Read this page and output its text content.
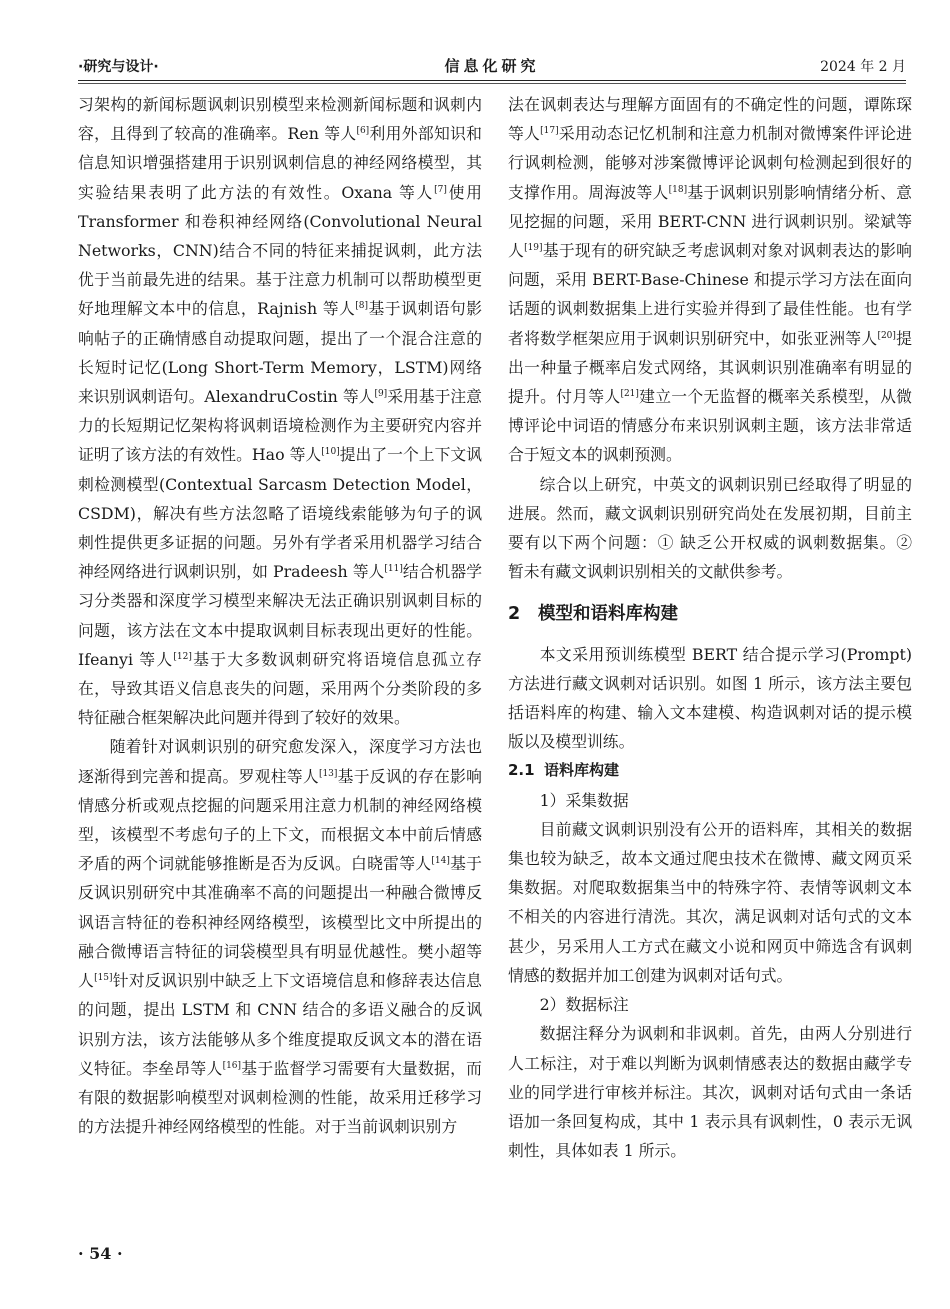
·研究与设计·	信息化研究	2024 年 2 月

习架构的新闻标题讽刺识别模型来检测新闻标题和讽刺内容，且得到了较高的准确率。Ren 等人[6]利用外部知识和信息知识增强搭建用于识别讽刺信息的神经网络模型，其实验结果表明了此方法的有效性。Oxana 等人[7]使用 Transformer 和卷积神经网络(Convolutional Neural Networks，CNN)结合不同的特征来捕捉讽刺，此方法优于当前最先进的结果。基于注意力机制可以帮助模型更好地理解文本中的信息，Rajnish 等人[8]基于讽刺语句影响帖子的正确情感自动提取问题，提出了一个混合注意的长短时记忆(Long Short-Term Memory，LSTM)网络来识别讽刺语句。AlexandruCostin 等人[9]采用基于注意力的长短期记忆架构将讽刺语境检测作为主要研究内容并证明了该方法的有效性。Hao 等人[10]提出了一个上下文讽刺检测模型(Contextual Sarcasm Detection Model，CSDM)，解决有些方法忽略了语境线索能够为句子的讽刺性提供更多证据的问题。另外有学者采用机器学习结合神经网络进行讽刺识别，如 Pradeesh 等人[11]结合机器学习分类器和深度学习模型来解决无法正确识别讽刺目标的问题，该方法在文本中提取讽刺目标表现出更好的性能。Ifeanyi 等人[12]基于大多数讽刺研究将语境信息孤立存在，导致其语义信息丧失的问题，采用两个分类阶段的多特征融合框架解决此问题并得到了较好的效果。

随着针对讽刺识别的研究愈发深入，深度学习方法也逐渐得到完善和提高。罗观柱等人[13]基于反讽的存在影响情感分析或观点挖掘的问题采用注意力机制的神经网络模型，该模型不考虑句子的上下文，而根据文本中前后情感矛盾的两个词就能够推断是否为反讽。白晓雷等人[14]基于反讽识别研究中其准确率不高的问题提出一种融合微博反讽语言特征的卷积神经网络模型，该模型比文中所提出的融合微博语言特征的词袋模型具有明显优越性。樊小超等人[15]针对反讽识别中缺乏上下文语境信息和修辞表达信息的问题，提出 LSTM 和 CNN 结合的多语义融合的反讽识别方法，该方法能够从多个维度提取反讽文本的潜在语义特征。李垒昂等人[16]基于监督学习需要有大量数据，而有限的数据影响模型对讽刺检测的性能，故采用迁移学习的方法提升神经网络模型的性能。对于当前讽刺识别方

法在讽刺表达与理解方面固有的不确定性的问题，谭陈琛等人[17]采用动态记忆机制和注意力机制对微博案件评论进行讽刺检测，能够对涉案微博评论讽刺句检测起到很好的支撑作用。周海波等人[18]基于讽刺识别影响情绪分析、意见挖掘的问题，采用 BERT-CNN 进行讽刺识别。梁斌等人[19]基于现有的研究缺乏考虑讽刺对象对讽刺表达的影响问题，采用 BERT-Base-Chinese 和提示学习方法在面向话题的讽刺数据集上进行实验并得到了最佳性能。也有学者将数学框架应用于讽刺识别研究中，如张亚洲等人[20]提出一种量子概率启发式网络，其讽刺识别准确率有明显的提升。付月等人[21]建立一个无监督的概率关系模型，从微博评论中词语的情感分布来识别讽刺主题，该方法非常适合于短文本的讽刺预测。

综合以上研究，中英文的讽刺识别已经取得了明显的进展。然而，藏文讽刺识别研究尚处在发展初期，目前主要有以下两个问题：① 缺乏公开权威的讽刺数据集。② 暂未有藏文讽刺识别相关的文献供参考。

2 模型和语料库构建

本文采用预训练模型 BERT 结合提示学习(Prompt)方法进行藏文讽刺对话识别。如图 1 所示，该方法主要包括语料库的构建、输入文本建模、构造讽刺对话的提示模版以及模型训练。

2.1 语料库构建

1）采集数据

目前藏文讽刺识别没有公开的语料库，其相关的数据集也较为缺乏，故本文通过爬虫技术在微博、藏文网页采集数据。对爬取数据集当中的特殊字符、表情等讽刺文本不相关的内容进行清洗。其次，满足讽刺对话句式的文本甚少，另采用人工方式在藏文小说和网页中筛选含有讽刺情感的数据并加工创建为讽刺对话句式。

2）数据标注

数据注释分为讽刺和非讽刺。首先，由两人分别进行人工标注，对于难以判断为讽刺情感表达的数据由藏学专业的同学进行审核并标注。其次，讽刺对话句式由一条话语加一条回复构成，其中 1 表示具有讽刺性，0 表示无讽刺性，具体如表 1 所示。

· 54 ·
